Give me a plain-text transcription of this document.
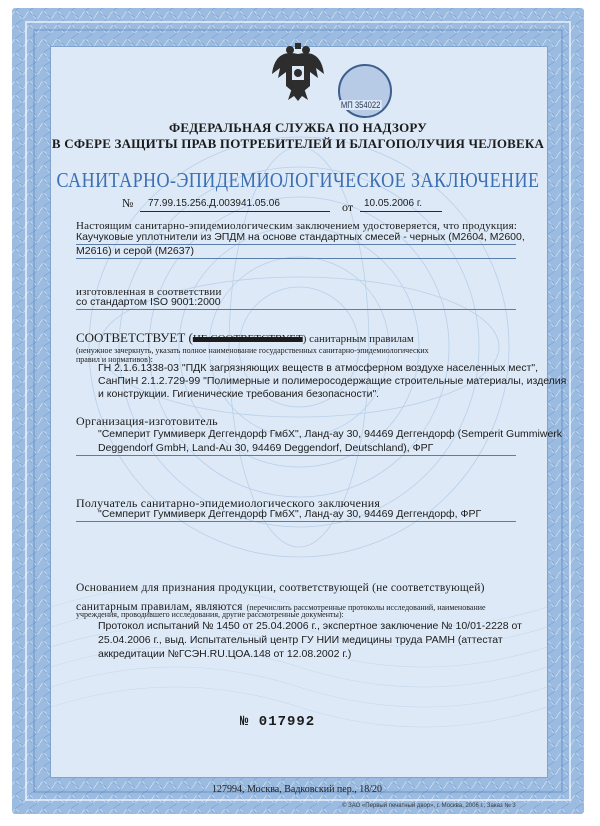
МП 354022
ФЕДЕРАЛЬНАЯ СЛУЖБА ПО НАДЗОРУ
В СФЕРЕ ЗАЩИТЫ ПРАВ ПОТРЕБИТЕЛЕЙ И БЛАГОПОЛУЧИЯ ЧЕЛОВЕКА
САНИТАРНО-ЭПИДЕМИОЛОГИЧЕСКОЕ ЗАКЛЮЧЕНИЕ
№ 77.99.15.256.Д.003941.05.06	от 10.05.2006 г.
Настоящим санитарно-эпидемиологическим заключением удостоверяется, что продукция:
Каучуковые уплотнители из ЭПДМ на основе стандартных смесей - черных (M2604, M2600,
M2616) и серой (M2637)
изготовленная в соответствии
со стандартом ISO 9001:2000
СООТВЕТСТВУЕТ (НЕ СООТВЕТСТВУЕТ) санитарным правилам
(ненужное зачеркнуть, указать полное наименование государственных санитарно-эпидемиологических
правил и нормативов):
ГН 2.1.6.1338-03 "ПДК загрязняющих веществ в атмосферном воздухе населенных мест",
СанПиН 2.1.2.729-99 "Полимерные и полимеросодержащие строительные материалы, изделия
и конструкции. Гигиенические требования безопасности".
Организация-изготовитель
"Семперит Гуммиверк Деггендорф ГмбХ", Ланд-ау 30, 94469 Деггендорф (Semperit Gummiwerk
Deggendorf GmbH, Land-Au 30, 94469 Deggendorf, Deutschland), ФРГ
Получатель санитарно-эпидемиологического заключения
"Семперит Гуммиверк Деггендорф ГмбХ", Ланд-ау 30, 94469 Деггендорф, ФРГ
Основанием для признания продукции, соответствующей (не соответствующей)
санитарным правилам, являются (перечислить рассмотренные протоколы исследований, наименование
учреждения, проводившего исследования, другие рассмотренные документы):
Протокол испытаний № 1450 от 25.04.2006 г., экспертное заключение № 10/01-2228 от
25.04.2006 г., выд. Испытательный центр ГУ НИИ медицины труда РАМН (аттестат
аккредитации №ГСЭН.RU.ЦОА.148 от 12.08.2002 г.)
№ 017992
127994, Москва, Вадковский пер., 18/20
© ЗАО «Первый печатный двор», г. Москва, 2006 г., Заказ № 3
